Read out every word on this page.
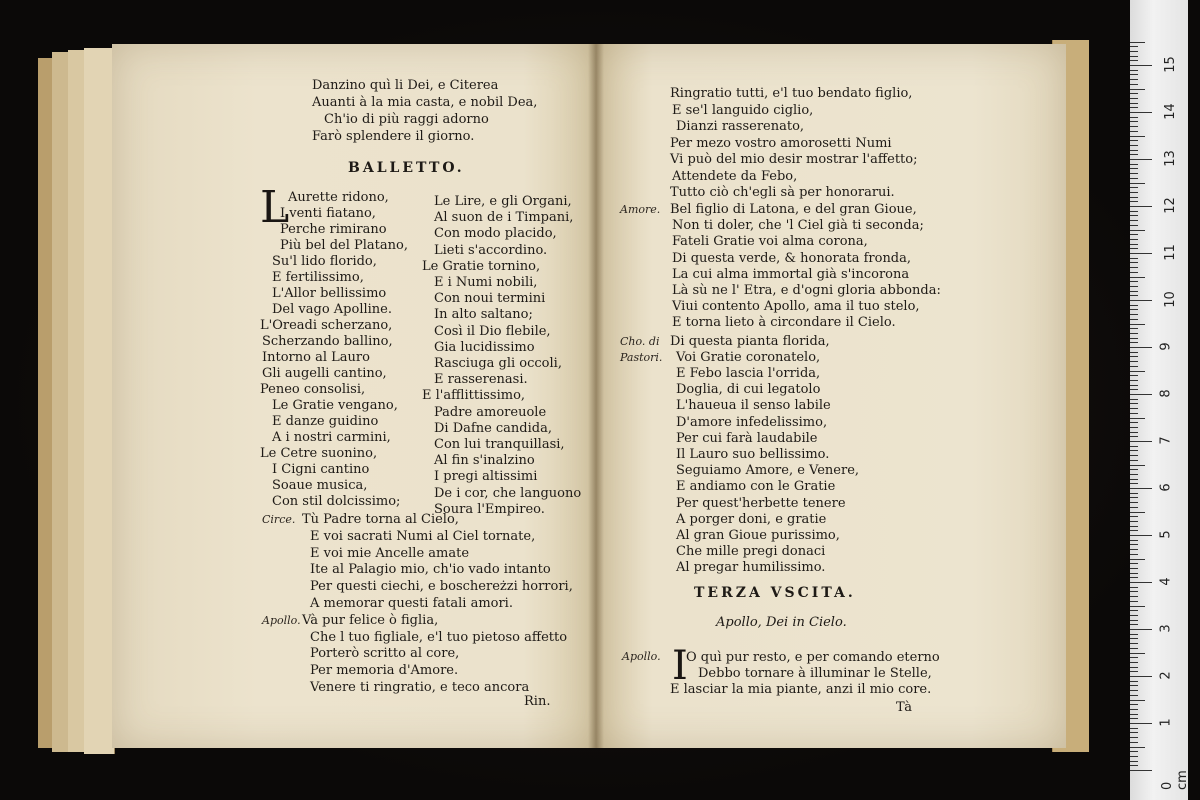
Danzino quì li Dei, e Citerea
Auanti à la mia casta, e nobil Dea,
Ch'io di più raggi adorno
Farò splendere il giorno.
BALLETTO.
L
Aurette ridono,
I venti fiatano,
Perche rimirano
Più bel del Platano,
Su'l lido florido,
E fertilissimo,
L'Allor bellissimo
Del vago Apolline.
L'Oreadi scherzano,
Scherzando ballino,
Intorno al Lauro
Gli augelli cantino,
Peneo consolisi,
Le Gratie vengano,
E danze guidino
A i nostri carmini,
Le Cetre suonino,
I Cigni cantino
Soaue musica,
Con stil dolcissimo;
Le Lire, e gli Organi,
Al suon de i Timpani,
Con modo placido,
Lieti s'accordino.
Le Gratie tornino,
E i Numi nobili,
Con noui termini
In alto saltano;
Così il Dio flebile,
Gia lucidissimo
Rasciuga gli occoli,
E rasserenasi.
E l'afflittissimo,
Padre amoreuole
Di Dafne candida,
Con lui tranquillasi,
Al fin s'inalzino
I pregi altissimi
De i cor, che languono
Soura l'Empireo.
Circe. Tù Padre torna al Cielo,
E voi sacrati Numi al Ciel tornate,
E voi mie Ancelle amate
Ite al Palagio mio, ch'io vado intanto
Per questi ciechi, e boschereżzi horrori,
A memorar questi fatali amori.
Apollo. Và pur felice ò figlia,
Che l tuo figliale, e'l tuo pietoso affetto
Porterò scritto al core,
Per memoria d'Amore.
Venere ti ringratio, e teco ancora
Rin.
Ringratio tutti, e'l tuo bendato figlio,
E se'l languido ciglio,
Dianzi rasserenato,
Per mezo vostro amorosetti Numi
Vi può del mio desir mostrar l'affetto;
Attendete da Febo,
Tutto ciò ch'egli sà per honorarui.
Amore. Bel figlio di Latona, e del gran Gioue,
Non ti doler, che 'l Ciel già ti seconda;
Fateli Gratie voi alma corona,
Di questa verde, & honorata fronda,
La cui alma immortal già s'incorona
Là sù ne l' Etra, e d'ogni gloria abbonda:
Viui contento Apollo, ama il tuo stelo,
E torna lieto à circondare il Cielo.
Cho. di Pastori.
Di questa pianta florida,
Voi Gratie coronatelo,
E Febo lascia l'orrida,
Doglia, di cui legatolo
L'haueua il senso labile
D'amore infedelissimo,
Per cui farà laudabile
Il Lauro suo bellissimo.
Seguiamo Amore, e Venere,
E andiamo con le Gratie
Per quest'herbette tenere
A porger doni, e gratie
Al gran Gioue purissimo,
Che mille pregi donaci
Al pregar humilissimo.
TERZA VSCITA.
Apollo, Dei in Cielo.
Apollo. I
O quì pur resto, e per comando eterno
Debbo tornare à illuminar le Stelle,
E lasciar la mia piante, anzi il mio core.
Tà
0 cm
1
2
3
4
5
6
7
8
9
10
11
12
13
14
15
